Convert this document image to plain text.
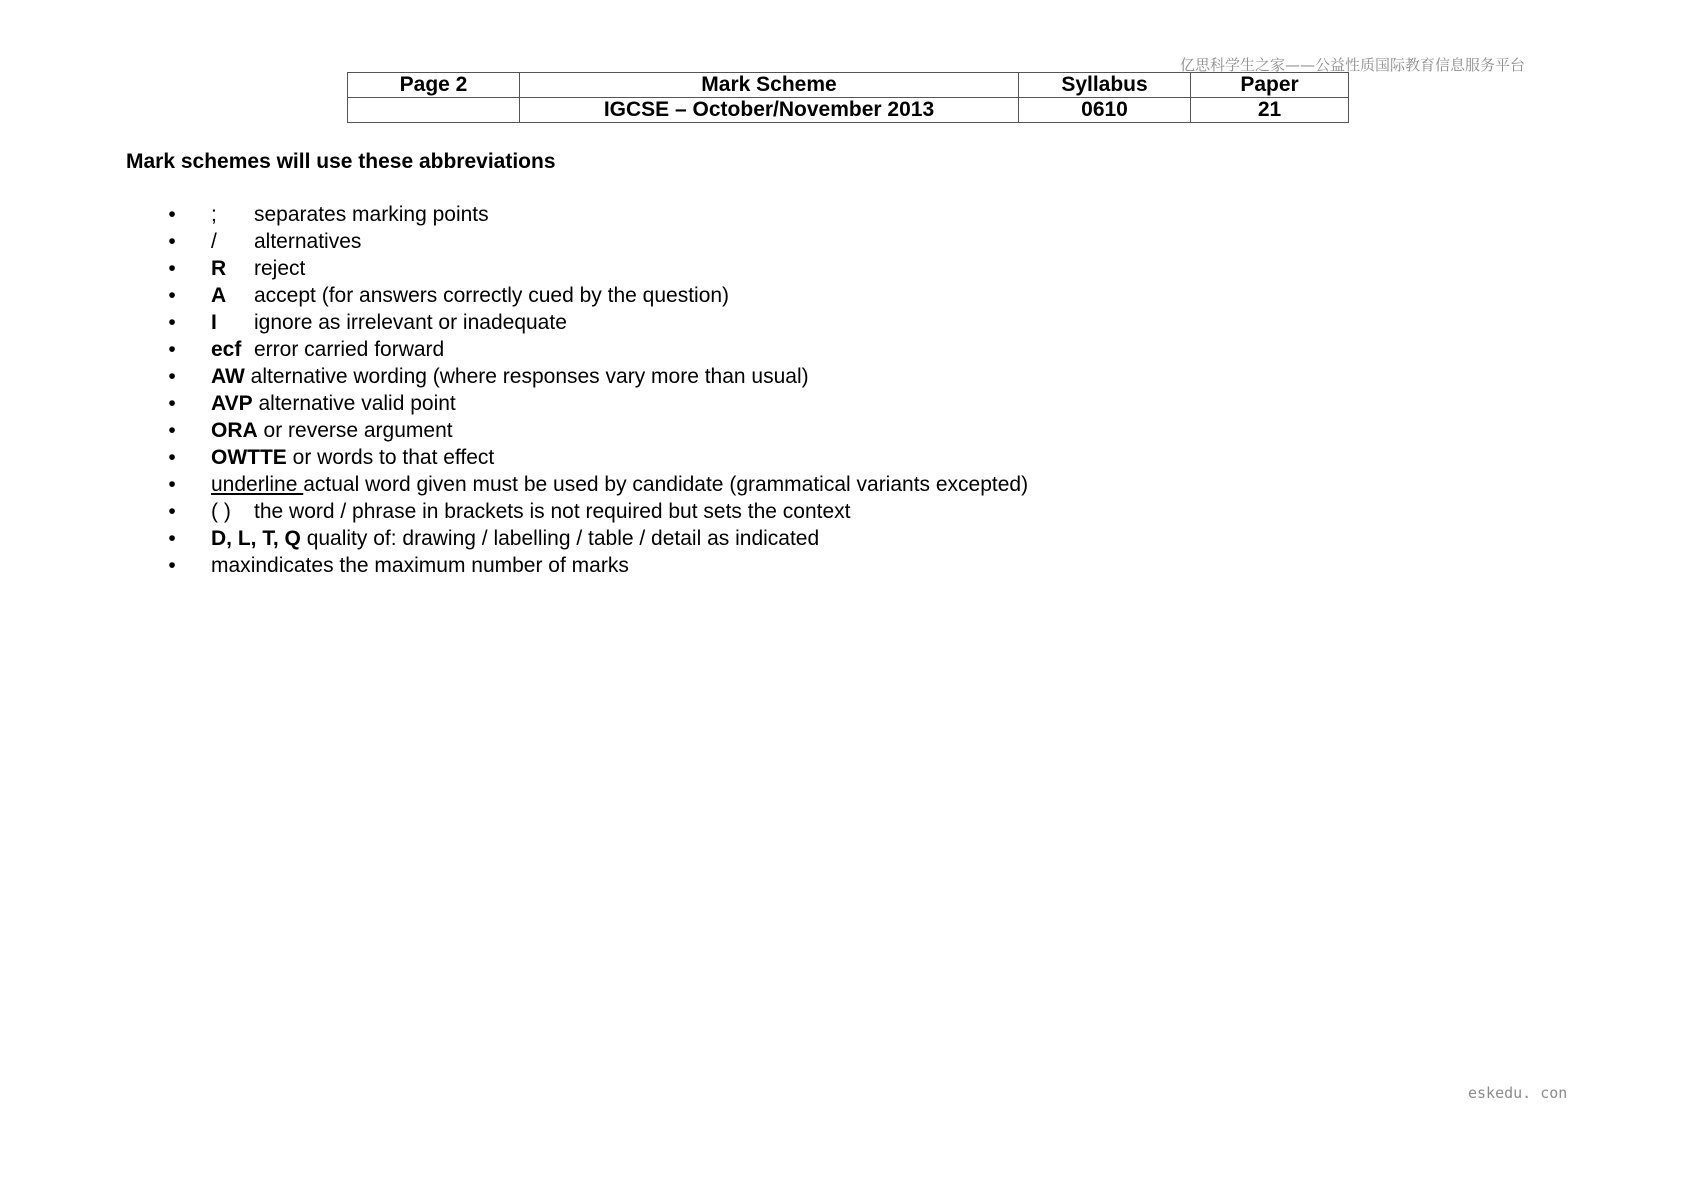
亿思科学生之家——公益性质国际教育信息服务平台
Page 2	Mark Scheme	Syllabus	Paper
	IGCSE – October/November 2013	0610	21
Mark schemes will use these abbreviations
• ; separates marking points
• / alternatives
• R reject
• A accept (for answers correctly cued by the question)
• I ignore as irrelevant or inadequate
• ecf error carried forward
• AW alternative wording (where responses vary more than usual)
• AVP alternative valid point
• ORA or reverse argument
• OWTTE or words to that effect
• underline actual word given must be used by candidate (grammatical variants excepted)
• ( ) the word / phrase in brackets is not required but sets the context
• D, L, T, Q quality of: drawing / labelling / table / detail as indicated
• maxindicates the maximum number of marks
eskedu. con
